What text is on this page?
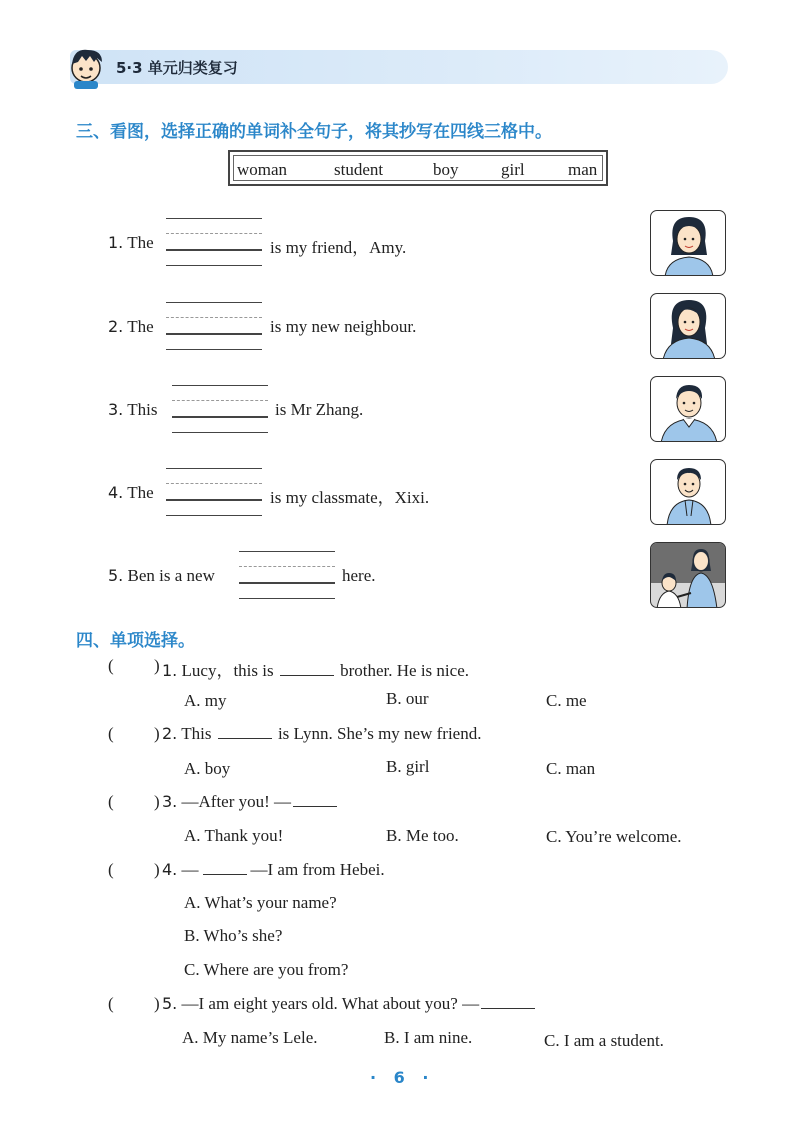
5·3 单元归类复习
三、看图，选择正确的单词补全句子，将其抄写在四线三格中。
woman	student	boy	girl	man
1. The	is my friend，Amy.
2. The	is my new neighbour.
3. This	is Mr Zhang.
4. The	is my classmate，Xixi.
5. Ben is a new	here.
四、单项选择。
( ) 1. Lucy，this is	brother. He is nice.
A. my	B. our	C. me
( ) 2. This	is Lynn. She’s my new friend.
A. boy	B. girl	C. man
( ) 3. —After you! —
A. Thank you!	B. Me too.	C. You’re welcome.
( ) 4. —	—I am from Hebei.
A. What’s your name?
B. Who’s she?
C. Where are you from?
( ) 5. —I am eight years old. What about you? —
A. My name’s Lele.	B. I am nine.	C. I am a student.
· 6 ·
